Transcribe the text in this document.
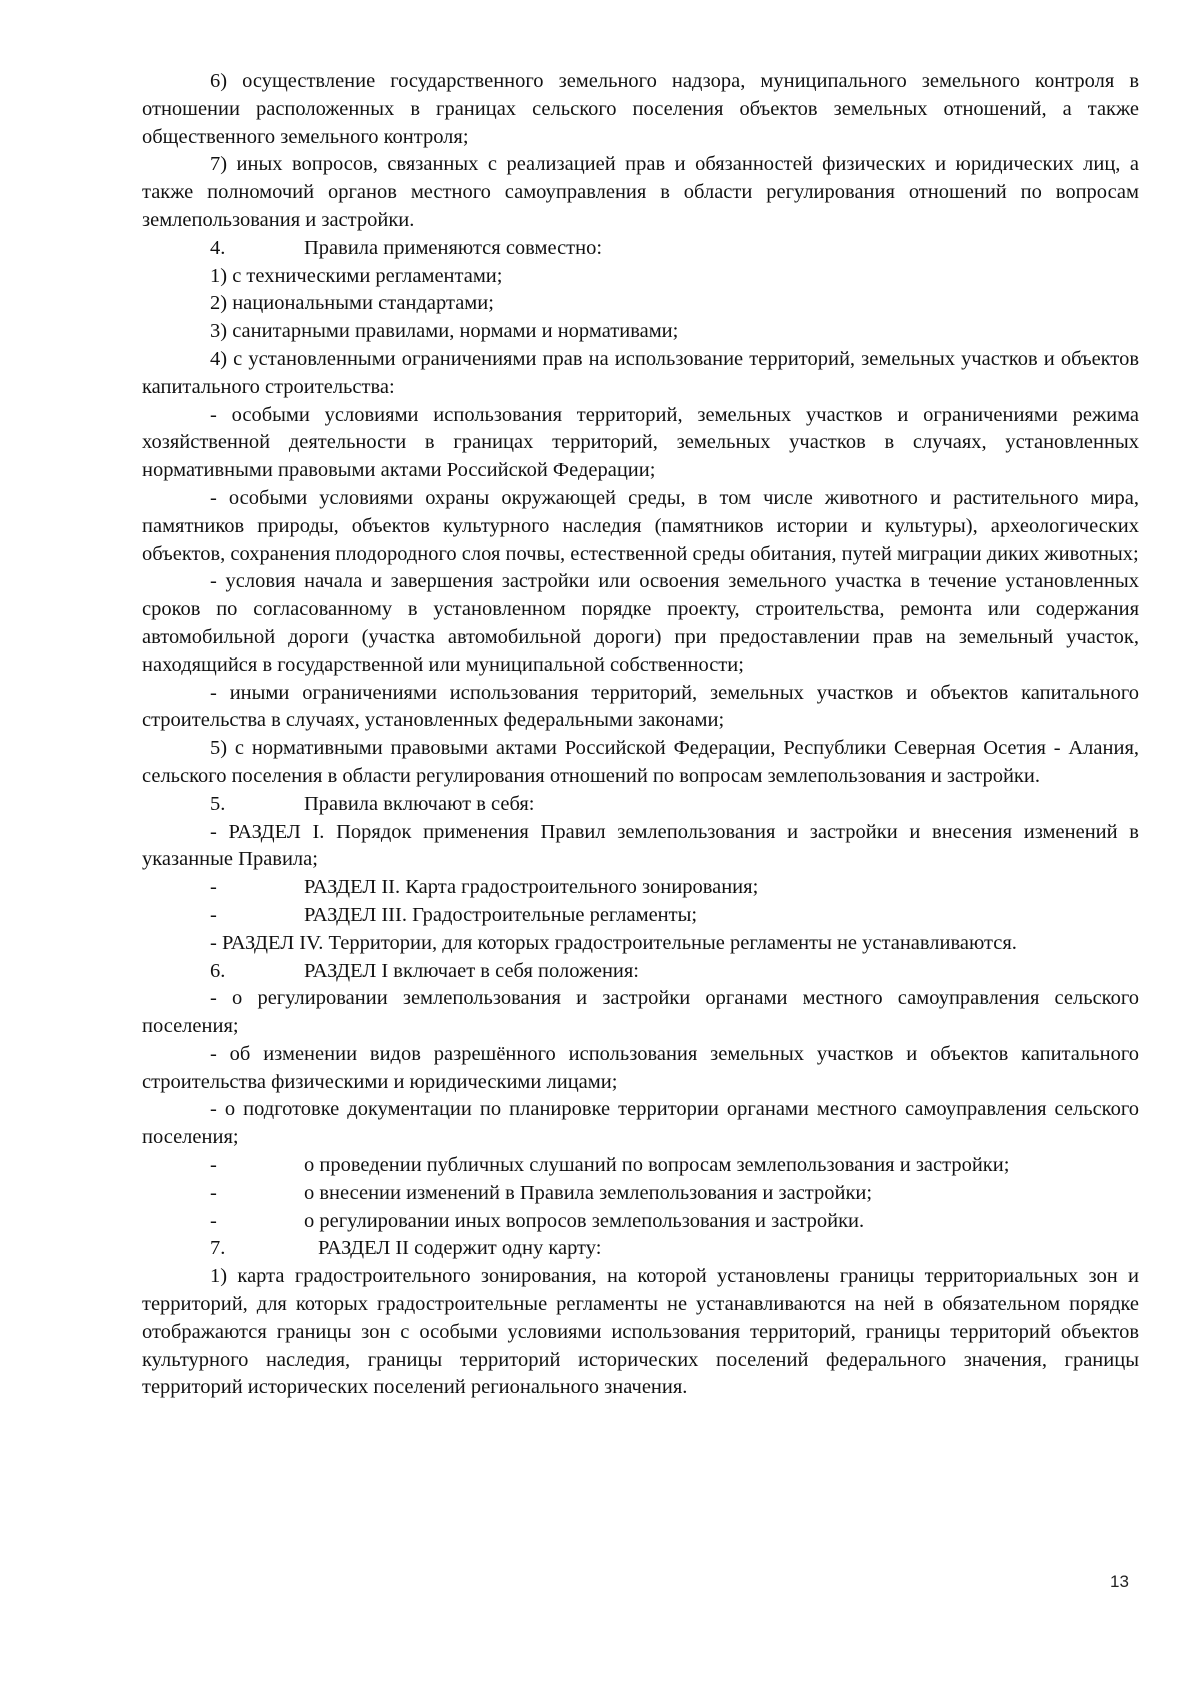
6) осуществление государственного земельного надзора, муниципального земельного контроля в отношении расположенных в границах сельского поселения объектов земельных отношений, а также общественного земельного контроля;

7) иных вопросов, связанных с реализацией прав и обязанностей физических и юридических лиц, а также полномочий органов местного самоуправления в области регулирования отношений по вопросам землепользования и застройки.

4.	Правила применяются совместно:

1) с техническими регламентами;

2) национальными стандартами;

3) санитарными правилами, нормами и нормативами;

4) с установленными ограничениями прав на использование территорий, земельных участков и объектов капитального строительства:

- особыми условиями использования территорий, земельных участков и ограничениями режима хозяйственной деятельности в границах территорий, земельных участков в случаях, установленных нормативными правовыми актами Российской Федерации;

- особыми условиями охраны окружающей среды, в том числе животного и растительного мира, памятников природы, объектов культурного наследия (памятников истории и культуры), археологических объектов, сохранения плодородного слоя почвы, естественной среды обитания, путей миграции диких животных;

- условия начала и завершения застройки или освоения земельного участка в течение установленных сроков по согласованному в установленном порядке проекту, строительства, ремонта или содержания автомобильной дороги (участка автомобильной дороги) при предоставлении прав на земельный участок, находящийся в государственной или муниципальной собственности;

- иными ограничениями использования территорий, земельных участков и объектов капитального строительства в случаях, установленных федеральными законами;

5) с нормативными правовыми актами Российской Федерации, Республики Северная Осетия - Алания, сельского поселения в области регулирования отношений по вопросам землепользования и застройки.

5.	Правила включают в себя:

- РАЗДЕЛ I. Порядок применения Правил землепользования и застройки и внесения изменений в указанные Правила;

-	РАЗДЕЛ II. Карта градостроительного зонирования;
-	РАЗДЕЛ III. Градостроительные регламенты;

- РАЗДЕЛ IV. Территории, для которых градостроительные регламенты не устанавливаются.

6.	РАЗДЕЛ I включает в себя положения:

- о регулировании землепользования и застройки органами местного самоуправления сельского поселения;

- об изменении видов разрешённого использования земельных участков и объектов капитального строительства физическими и юридическими лицами;

- о подготовке документации по планировке территории органами местного самоуправления сельского поселения;

-	о проведении публичных слушаний по вопросам землепользования и застройки;
-	о внесении изменений в Правила землепользования и застройки;
-	о регулировании иных вопросов землепользования и застройки.
7.	РАЗДЕЛ II содержит одну карту:

1) карта градостроительного зонирования, на которой установлены границы территориальных зон и территорий, для которых градостроительные регламенты не устанавливаются на ней в обязательном порядке отображаются границы зон с особыми условиями использования территорий, границы территорий объектов культурного наследия, границы территорий исторических поселений федерального значения, границы территорий исторических поселений регионального значения.

13
